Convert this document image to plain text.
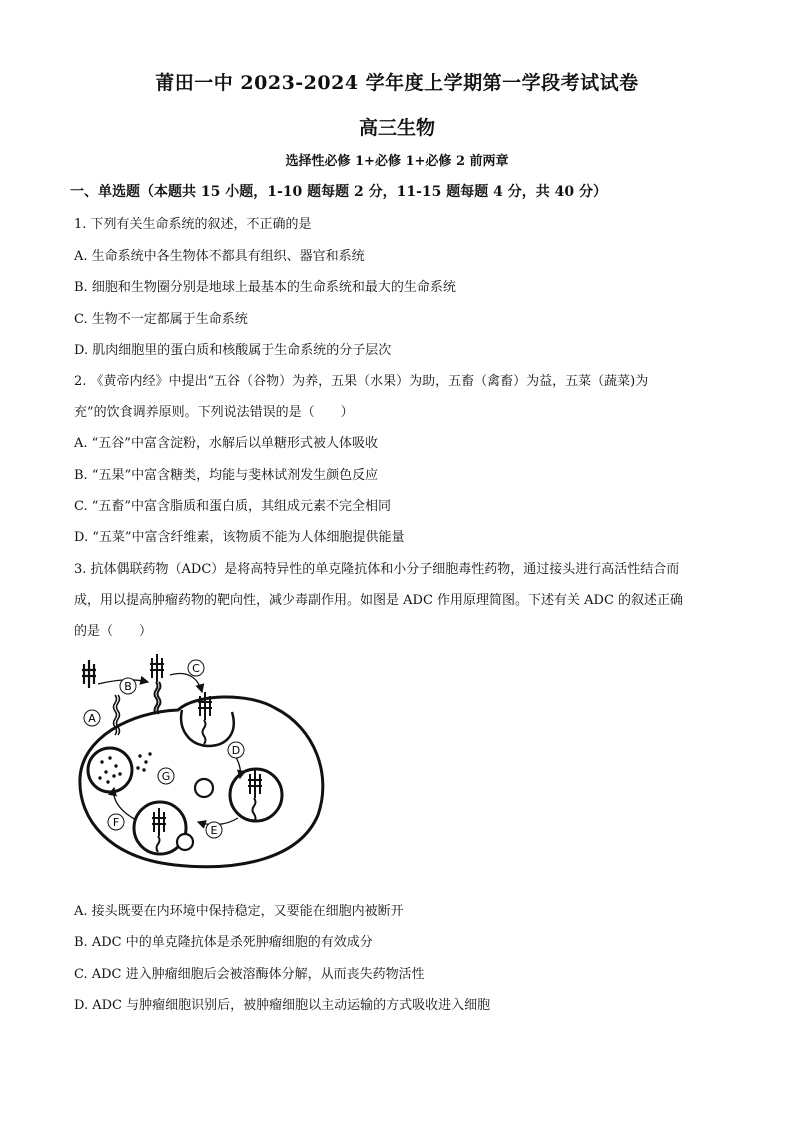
莆田一中 2023-2024 学年度上学期第一学段考试试卷
高三生物
选择性必修 1+必修 1+必修 2 前两章
一、单选题（本题共 15 小题，1-10 题每题 2 分，11-15 题每题 4 分，共 40 分）
1. 下列有关生命系统的叙述，不正确的是
A. 生命系统中各生物体不都具有组织、器官和系统
B. 细胞和生物圈分别是地球上最基本的生命系统和最大的生命系统
C. 生物不一定都属于生命系统
D. 肌肉细胞里的蛋白质和核酸属于生命系统的分子层次
2. 《黄帝内经》中提出“五谷（谷物）为养，五果（水果）为助，五畜（禽畜）为益，五菜（蔬菜)为
充”的饮食调养原则。下列说法错误的是（　　）
A. “五谷”中富含淀粉，水解后以单糖形式被人体吸收
B. “五果”中富含糖类，均能与斐林试剂发生颜色反应
C. “五畜”中富含脂质和蛋白质，其组成元素不完全相同
D. “五菜”中富含纤维素，该物质不能为人体细胞提供能量
3. 抗体偶联药物（ADC）是将高特异性的单克隆抗体和小分子细胞毒性药物，通过接头进行高活性结合而
成，用以提高肿瘤药物的靶向性，减少毒副作用。如图是 ADC 作用原理简图。下述有关 ADC 的叙述正确
的是（　　）
A
B
C
D
E
F
G
A. 接头既要在内环境中保持稳定，又要能在细胞内被断开
B. ADC 中的单克隆抗体是杀死肿瘤细胞的有效成分
C. ADC 进入肿瘤细胞后会被溶酶体分解，从而丧失药物活性
D. ADC 与肿瘤细胞识别后，被肿瘤细胞以主动运输的方式吸收进入细胞
